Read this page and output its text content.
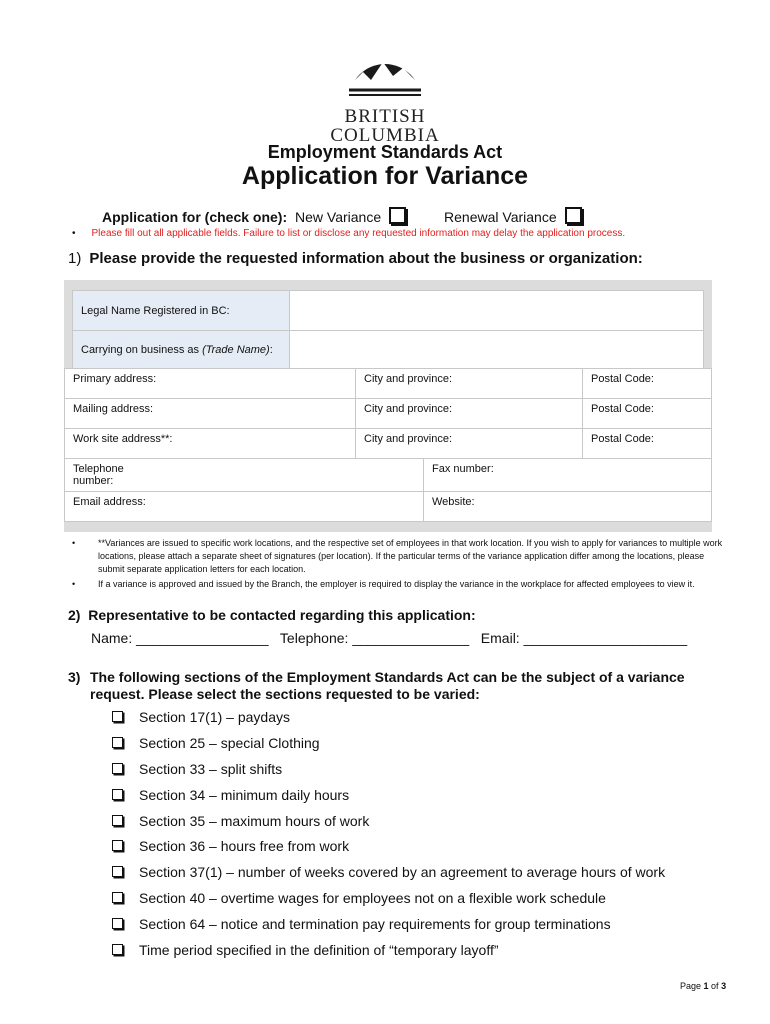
BRITISH
COLUMBIA
Employment Standards Act
Application for Variance
Application for (check one): New Variance	Renewal Variance
• Please fill out all applicable fields. Failure to list or disclose any requested information may delay the application process.
1) Please provide the requested information about the business or organization:
Legal Name Registered in BC:	
Carrying on business as (Trade Name):	
Primary address:	City and province:	Postal Code:
Mailing address:	City and province:	Postal Code:
Work site address**:	City and province:	Postal Code:
Telephone number:		Fax number:
Email address:		Website:
•	**Variances are issued to specific work locations, and the respective set of employees in that work location. If you wish to apply for variances to multiple work locations, please attach a separate sheet of signatures (per location). If the particular terms of the variance application differ among the locations, please submit separate application letters for each location.
•	If a variance is approved and issued by the Branch, the employer is required to display the variance in the workplace for affected employees to view it.
2) Representative to be contacted regarding this application:
Name: _________________ Telephone: _______________ Email: _____________________
3) The following sections of the Employment Standards Act can be the subject of a variance request. Please select the sections requested to be varied:
Section 17(1) – paydays
Section 25 – special Clothing
Section 33 – split shifts
Section 34 – minimum daily hours
Section 35 – maximum hours of work
Section 36 – hours free from work
Section 37(1) – number of weeks covered by an agreement to average hours of work
Section 40 – overtime wages for employees not on a flexible work schedule
Section 64 – notice and termination pay requirements for group terminations
Time period specified in the definition of “temporary layoff”
Page 1 of 3
